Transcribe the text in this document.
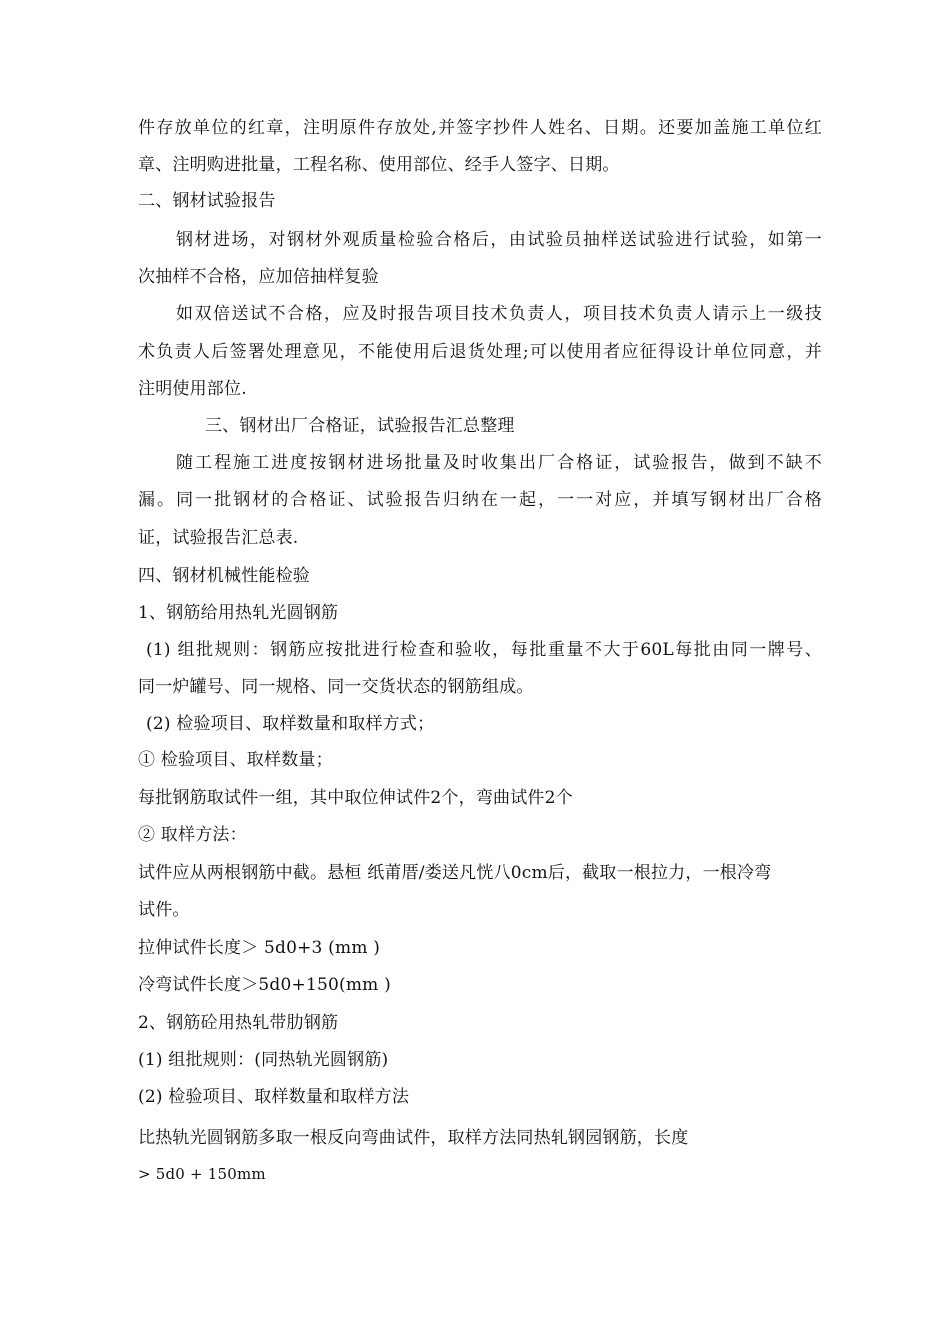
件存放单位的红章，注明原件存放处,并签字抄件人姓名、日期。还要加盖施工单位红
章、注明购进批量，工程名称、使用部位、经手人签字、日期。
二、钢材试验报告
钢材进场，对钢材外观质量检验合格后，由试验员抽样送试验进行试验，如第一
次抽样不合格，应加倍抽样复验
如双倍送试不合格，应及时报告项目技术负责人，项目技术负责人请示上一级技
术负责人后签署处理意见，不能使用后退货处理;可以使用者应征得设计单位同意，并
注明使用部位.
三、钢材出厂合格证，试验报告汇总整理
随工程施工进度按钢材进场批量及时收集出厂合格证，试验报告，做到不缺不
漏。同一批钢材的合格证、试验报告归纳在一起，一一对应，并填写钢材出厂合格
证，试验报告汇总表.
四、钢材机械性能检验
1、钢筋给用热轧光圆钢筋
(1) 组批规则：钢筋应按批进行检查和验收，每批重量不大于60L每批由同一牌号、
同一炉罐号、同一规格、同一交货状态的钢筋组成。
(2) 检验项目、取样数量和取样方式；
① 检验项目、取样数量；
每批钢筋取试件一组，其中取位伸试件2个，弯曲试件2个
② 取样方法：
试件应从两根钢筋中截。悬桓 纸莆厝/娄送凡恍八0cm后，截取一根拉力，一根冷弯
试件。
拉伸试件长度＞ 5d0+3 (mm )
冷弯试件长度＞5d0+150(mm )
2、钢筋砼用热轧带肋钢筋
(1) 组批规则：(同热轨光圆钢筋)
(2) 检验项目、取样数量和取样方法
比热轨光圆钢筋多取一根反向弯曲试件，取样方法同热轧钢园钢筋，长度
> 5d0 + 150mm
